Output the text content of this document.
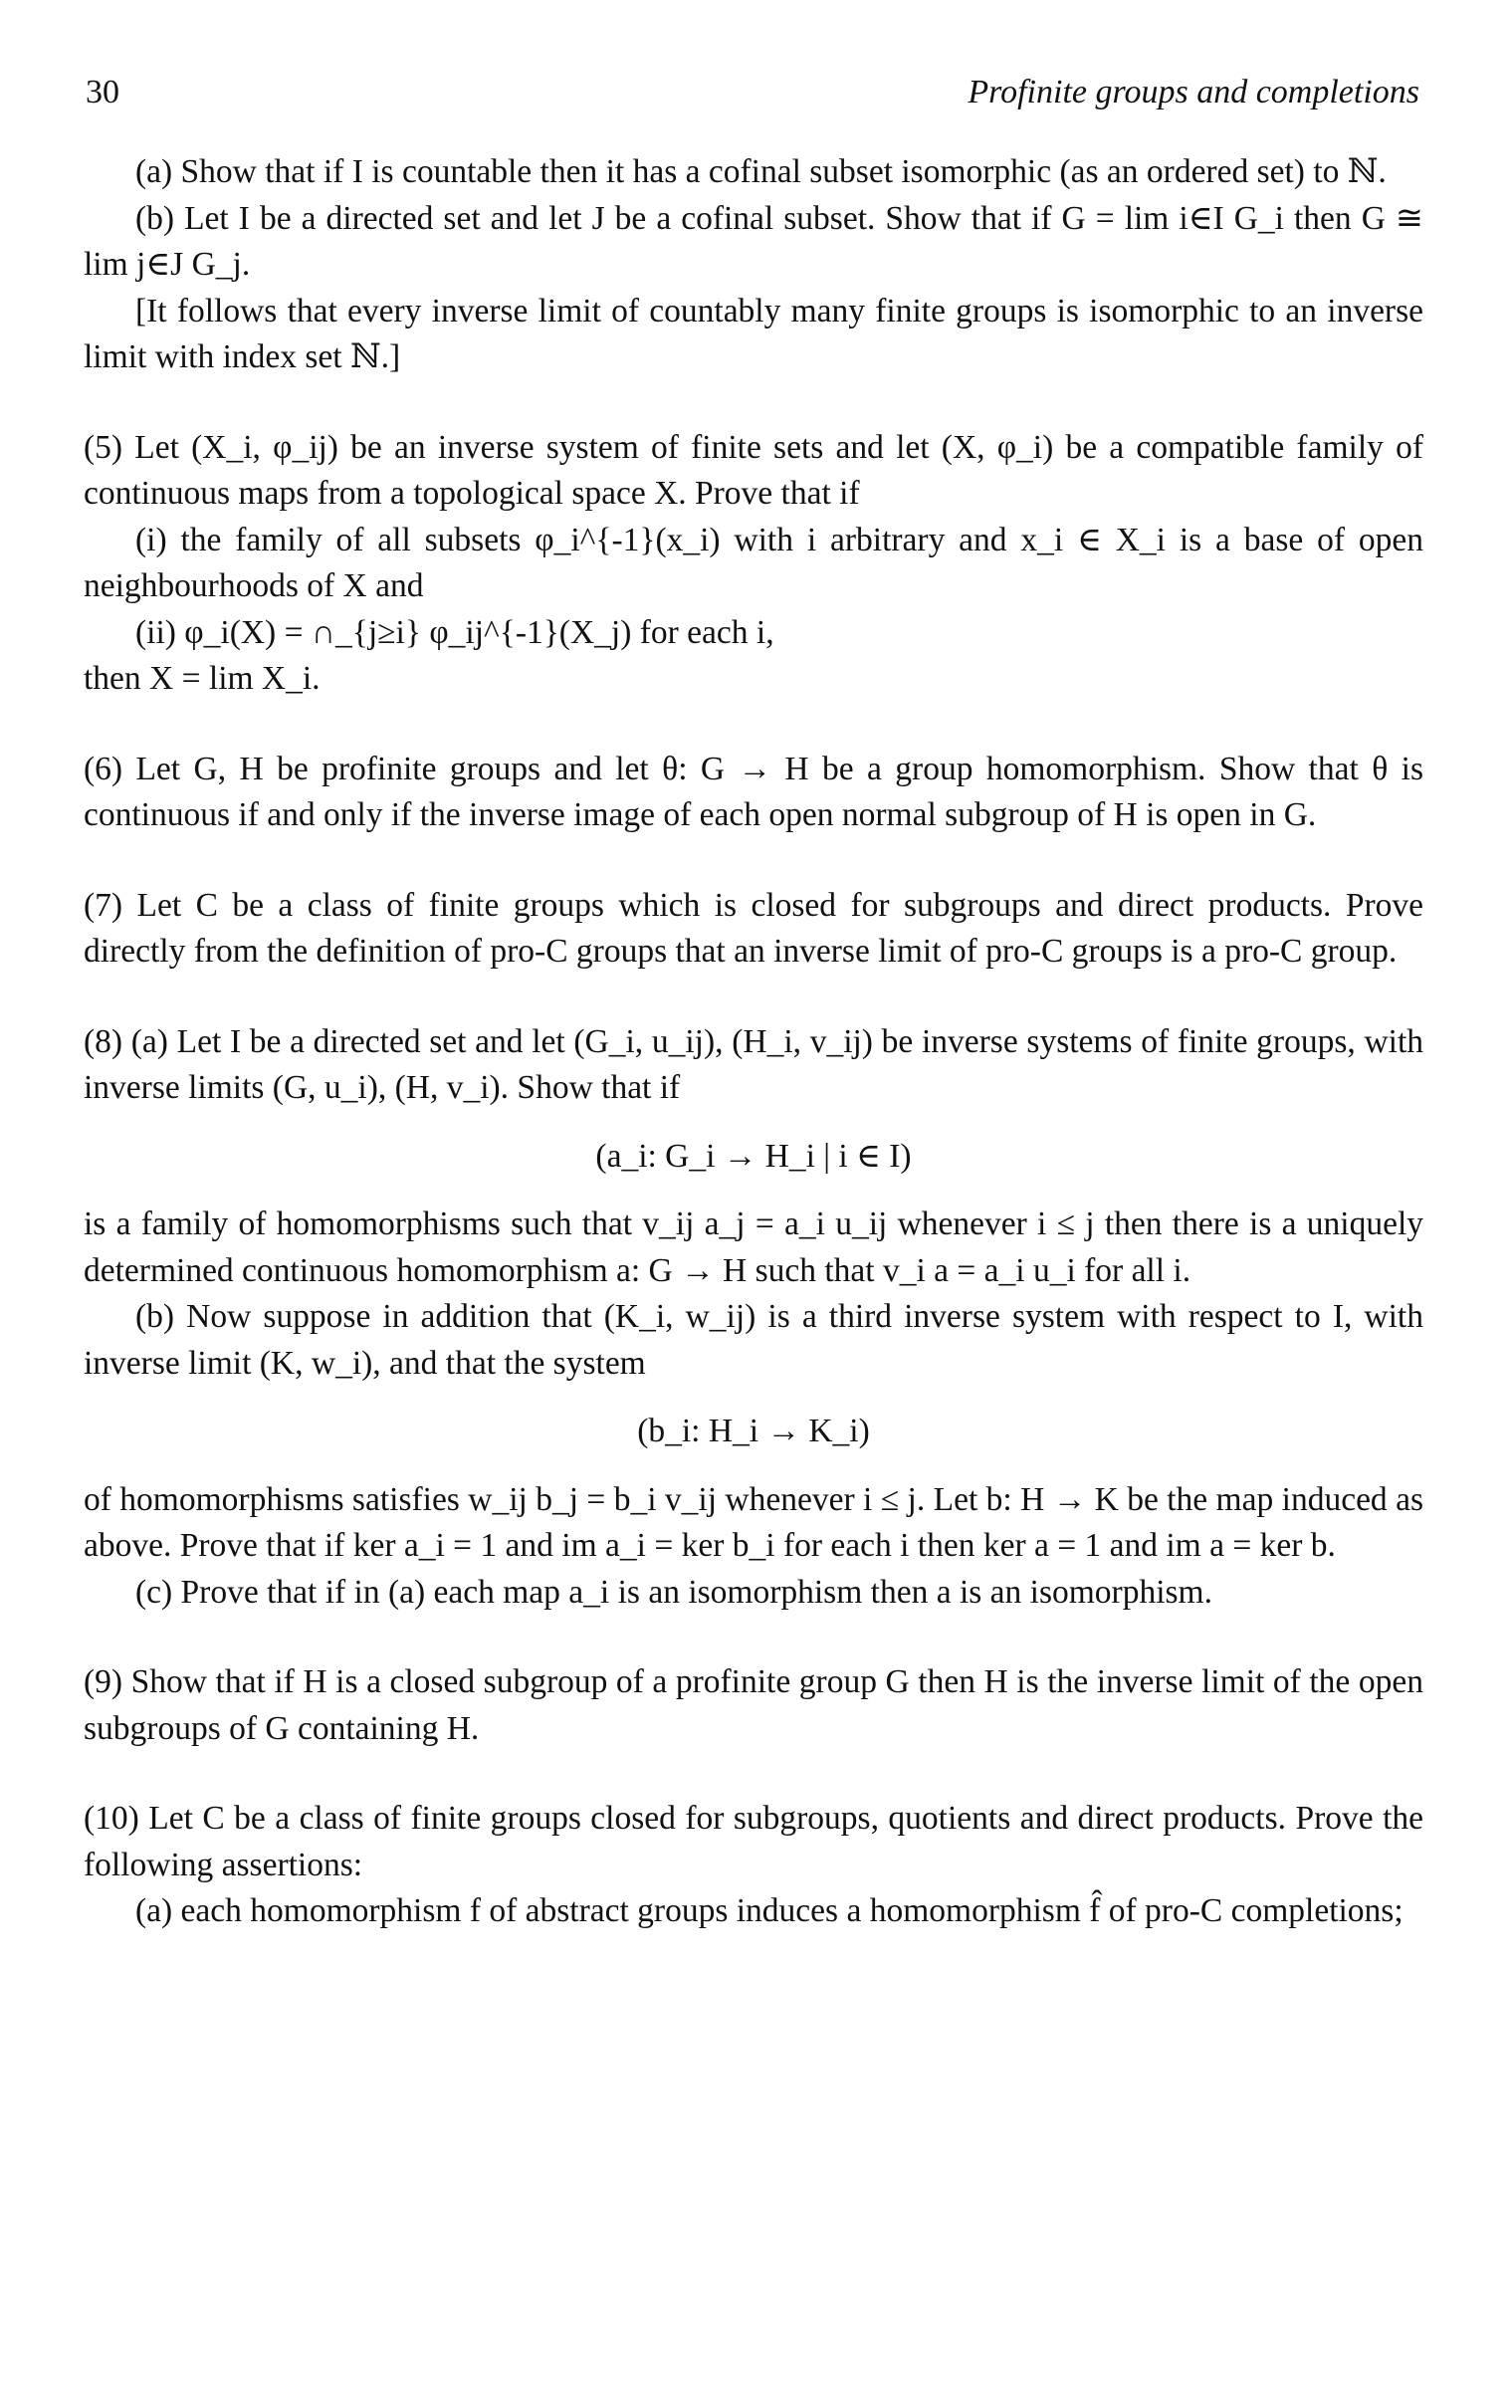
30	Profinite groups and completions

(a) Show that if I is countable then it has a cofinal subset isomorphic (as an ordered set) to ℕ.

(b) Let I be a directed set and let J be a cofinal subset. Show that if G = lim i∈I G_i then G ≅ lim j∈J G_j.

[It follows that every inverse limit of countably many finite groups is isomorphic to an inverse limit with index set ℕ.]

(5) Let (X_i, φ_ij) be an inverse system of finite sets and let (X, φ_i) be a compatible family of continuous maps from a topological space X. Prove that if

(i) the family of all subsets φ_i^{-1}(x_i) with i arbitrary and x_i ∈ X_i is a base of open neighbourhoods of X and

(ii) φ_i(X) = ∩_{j≥i} φ_ij^{-1}(X_j) for each i,

then X = lim X_i.

(6) Let G, H be profinite groups and let θ: G → H be a group homomorphism. Show that θ is continuous if and only if the inverse image of each open normal subgroup of H is open in G.

(7) Let C be a class of finite groups which is closed for subgroups and direct products. Prove directly from the definition of pro-C groups that an inverse limit of pro-C groups is a pro-C group.

(8) (a) Let I be a directed set and let (G_i, u_ij), (H_i, v_ij) be inverse systems of finite groups, with inverse limits (G, u_i), (H, v_i). Show that if

(a_i: G_i → H_i | i ∈ I)

is a family of homomorphisms such that v_ij a_j = a_i u_ij whenever i ≤ j then there is a uniquely determined continuous homomorphism a: G → H such that v_i a = a_i u_i for all i.

(b) Now suppose in addition that (K_i, w_ij) is a third inverse system with respect to I, with inverse limit (K, w_i), and that the system

(b_i: H_i → K_i)

of homomorphisms satisfies w_ij b_j = b_i v_ij whenever i ≤ j. Let b: H → K be the map induced as above. Prove that if ker a_i = 1 and im a_i = ker b_i for each i then ker a = 1 and im a = ker b.

(c) Prove that if in (a) each map a_i is an isomorphism then a is an isomorphism.

(9) Show that if H is a closed subgroup of a profinite group G then H is the inverse limit of the open subgroups of G containing H.

(10) Let C be a class of finite groups closed for subgroups, quotients and direct products. Prove the following assertions:

(a) each homomorphism f of abstract groups induces a homomorphism f̂ of pro-C completions;
